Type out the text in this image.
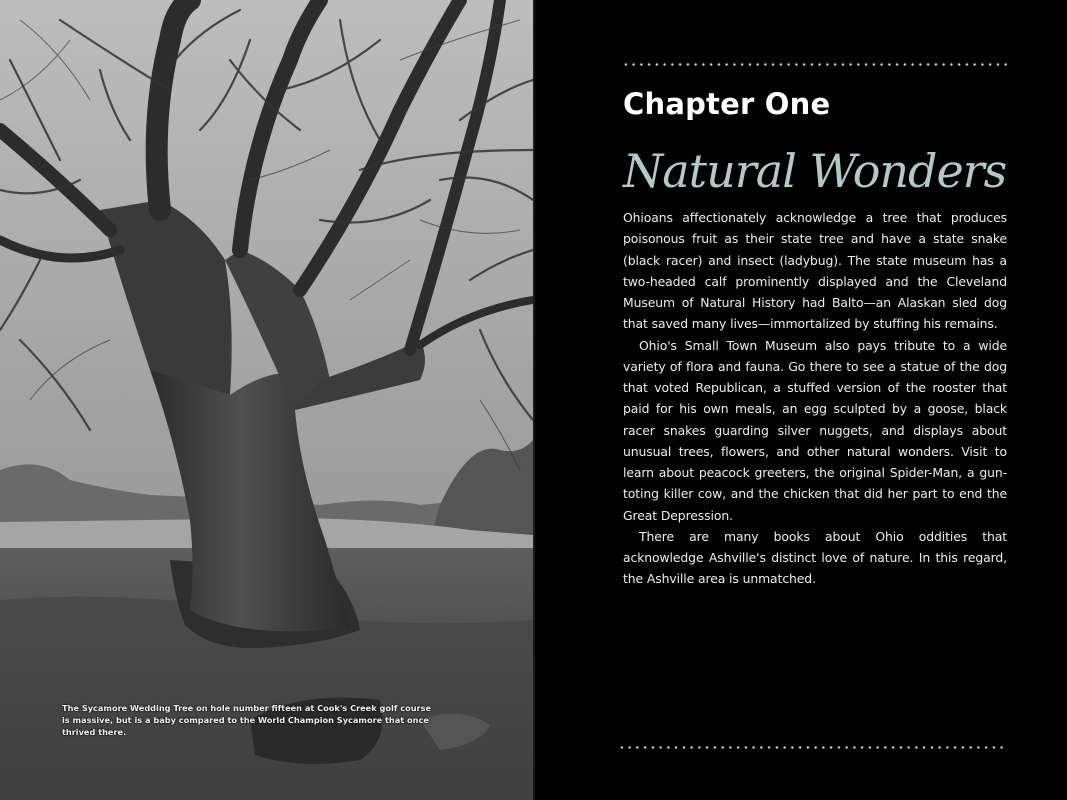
The Sycamore Wedding Tree on hole number fifteen at Cook's Creek golf course is massive, but is a baby compared to the World Champion Sycamore that once thrived there.
Chapter One
Natural Wonders

Ohioans affectionately acknowledge a tree that produces poisonous fruit as their state tree and have a state snake (black racer) and insect (ladybug). The state museum has a two-headed calf prominently displayed and the Cleveland Museum of Natural History had Balto—an Alaskan sled dog that saved many lives—immortalized by stuffing his remains.

Ohio's Small Town Museum also pays tribute to a wide variety of flora and fauna. Go there to see a statue of the dog that voted Republican, a stuffed version of the rooster that paid for his own meals, an egg sculpted by a goose, black racer snakes guarding silver nuggets, and displays about unusual trees, flowers, and other natural wonders. Visit to learn about peacock greeters, the original Spider-Man, a gun-toting killer cow, and the chicken that did her part to end the Great Depression.

There are many books about Ohio oddities that acknowledge Ashville's distinct love of nature. In this regard, the Ashville area is unmatched.
